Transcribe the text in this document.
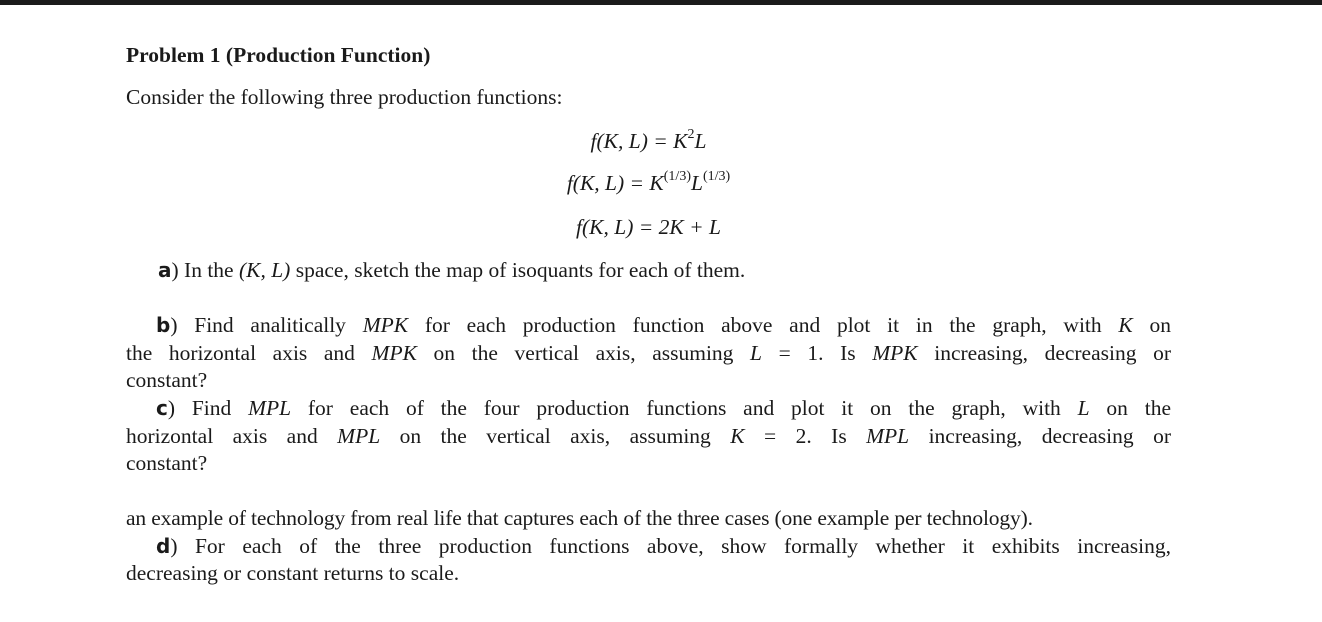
Problem 1 (Production Function)
Consider the following three production functions:
f(K, $L) = K^2L$
f(K, $L) = K^{(1/3)}L^{(1/3)}$
f(K, L) = 2K + L
a) In the (K, L) space, sketch the map of isoquants for each of them.
b) Find analitically MPK for each production function above and plot it in the graph, with K on
the horizontal axis and MPK on the vertical axis, assuming L = 1. Is MPK increasing, decreasing or
constant?
c) Find MPL for each of the four production functions and plot it on the graph, with L on the
horizontal axis and MPL on the vertical axis, assuming K = 2. Is MPL increasing, decreasing or
constant?
an example of technology from real life that captures each of the three cases (one example per technology).
d) For each of the three production functions above, show formally whether it exhibits increasing,
decreasing or constant returns to scale.
